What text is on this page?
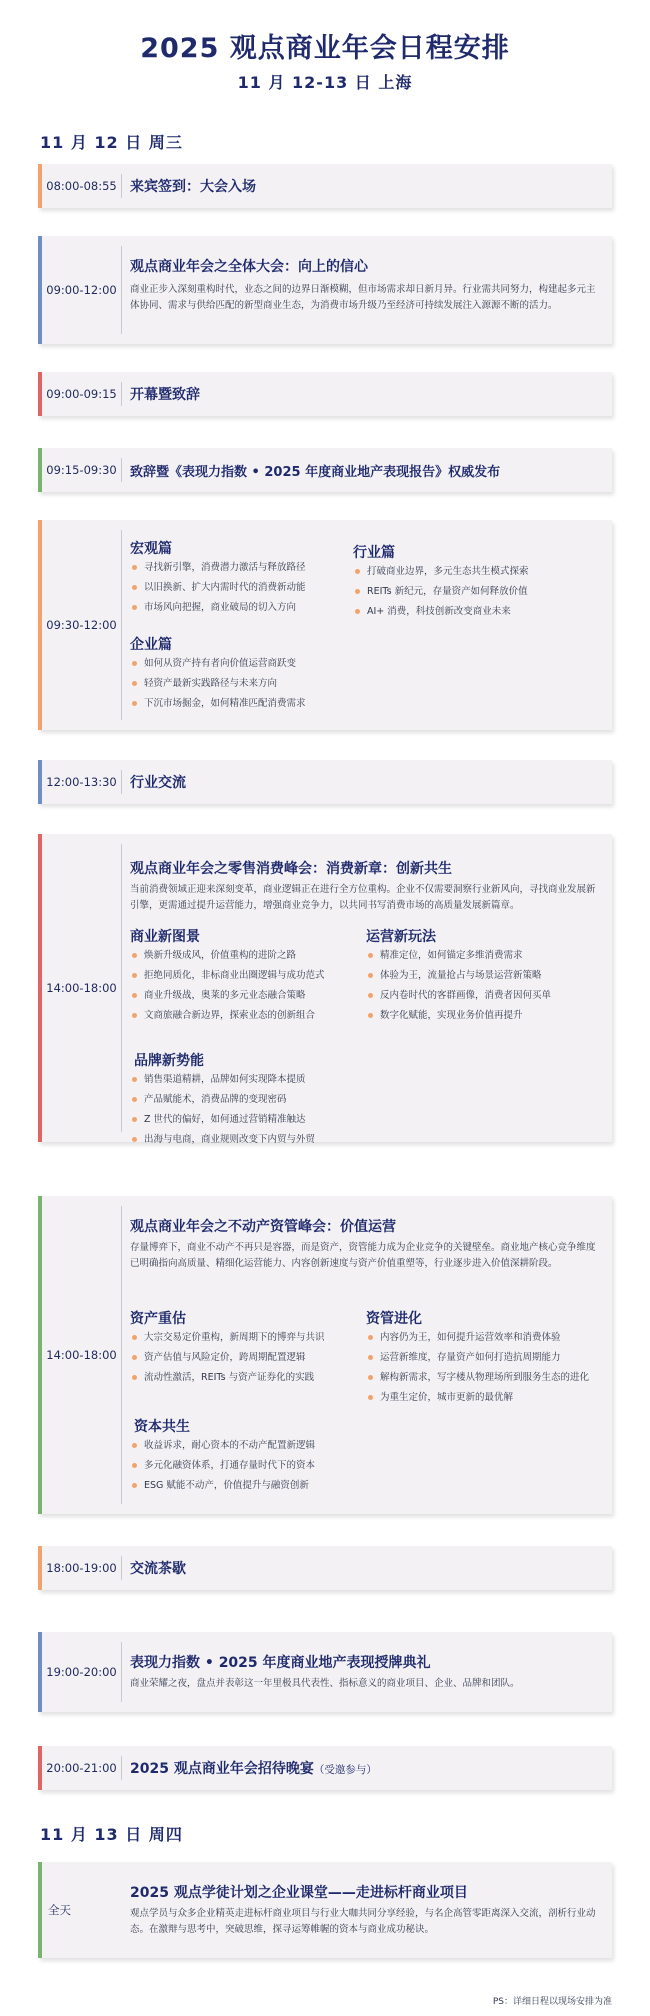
2025 观点商业年会日程安排
11 月 12-13 日 上海
11 月 12 日 周三
08:00-08:55 来宾签到：大会入场
09:00-12:00
观点商业年会之全体大会：向上的信心
商业正步入深刻重构时代，业态之间的边界日渐模糊，但市场需求却日新月异。行业需共同努力，构建起多元主体协同、需求与供给匹配的新型商业生态，为消费市场升级乃至经济可持续发展注入源源不断的活力。
09:00-09:15 开幕暨致辞
09:15-09:30	致辞暨《表现力指数 • 2025 年度商业地产表现报告》权威发布
09:30-12:00
宏观篇
寻找新引擎，消费潜力激活与释放路径
以旧换新、扩大内需时代的消费新动能
市场风向把握，商业破局的切入方向
行业篇
打破商业边界，多元生态共生模式探索
REITs 新纪元，存量资产如何释放价值
AI+ 消费，科技创新改变商业未来
企业篇
如何从资产持有者向价值运营商跃变
轻资产最新实践路径与未来方向
下沉市场掘金，如何精准匹配消费需求
12:00-13:30 行业交流
14:00-18:00
观点商业年会之零售消费峰会：消费新章：创新共生
当前消费领域正迎来深刻变革，商业逻辑正在进行全方位重构。企业不仅需要洞察行业新风向，寻找商业发展新引擎，更需通过提升运营能力，增强商业竞争力，以共同书写消费市场的高质量发展新篇章。
商业新图景
焕新升级成风，价值重构的进阶之路
拒绝同质化，非标商业出圈逻辑与成功范式
商业升级战，奥莱的多元业态融合策略
文商旅融合新边界，探索业态的创新组合
运营新玩法
精准定位，如何锚定多维消费需求
体验为王，流量抢占与场景运营新策略
反内卷时代的客群画像，消费者因何买单
数字化赋能，实现业务价值再提升
品牌新势能
销售渠道精耕，品牌如何实现降本提质
产品赋能术，消费品牌的变现密码
Z 世代的偏好，如何通过营销精准触达
出海与电商，商业规则改变下内贸与外贸
14:00-18:00
观点商业年会之不动产资管峰会：价值运营
存量博弈下，商业不动产不再只是容器，而是资产，资管能力成为企业竞争的关键壁垒。商业地产核心竞争维度已明确指向高质量、精细化运营能力、内容创新速度与资产价值重塑等，行业逐步进入价值深耕阶段。
资产重估
大宗交易定价重构，新周期下的博弈与共识
资产估值与风险定价，跨周期配置逻辑
流动性激活，REITs 与资产证券化的实践
资管进化
内容仍为王，如何提升运营效率和消费体验
运营新维度，存量资产如何打造抗周期能力
解构新需求，写字楼从物理场所到服务生态的进化
为重生定价，城市更新的最优解
资本共生
收益诉求，耐心资本的不动产配置新逻辑
多元化融资体系，打通存量时代下的资本
ESG 赋能不动产，价值提升与融资创新
18:00-19:00 交流茶歇
19:00-20:00
表现力指数 • 2025 年度商业地产表现授牌典礼
商业荣耀之夜，盘点并表彰这一年里极具代表性、指标意义的商业项目、企业、品牌和团队。
20:00-21:00 2025 观点商业年会招待晚宴（受邀参与）
11 月 13 日 周四
全天
2025 观点学徒计划之企业课堂——走进标杆商业项目
观点学员与众多企业精英走进标杆商业项目与行业大咖共同分享经验，与名企高管零距离深入交流，剖析行业动态。在激辩与思考中，突破思维，探寻运筹帷幄的资本与商业成功秘诀。
PS：详细日程以现场安排为准
